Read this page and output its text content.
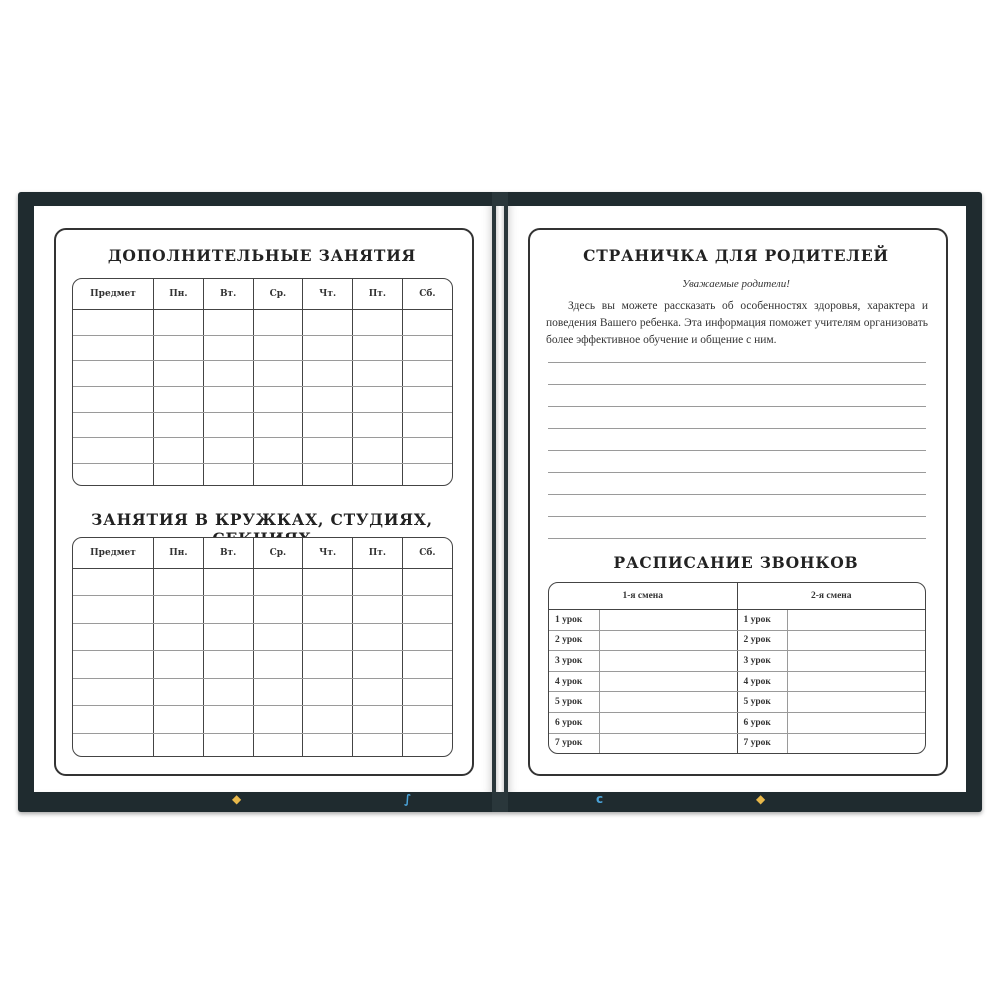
◆	∫	ϲ	◆
ДОПОЛНИТЕЛЬНЫЕ ЗАНЯТИЯ
Предмет	Пн.	Вт.	Ср.	Чт.	Пт.	Сб.

ЗАНЯТИЯ В КРУЖКАХ, СТУДИЯХ,
Предмет	Пн.	Вт.	Ср.	Чт.	Пт.	Сб.

СТРАНИЧКА ДЛЯ РОДИТЕЛЕЙ
Уважаемые родители!
Здесь вы можете рассказать об особенностях здоровья, характера и поведения Вашего ребенка. Эта информация поможет учителям организовать более эффективное обучение и общение с ним.
РАСПИСАНИЕ ЗВОНКОВ
1-я смена		2-я смена	
1 урок		1 урок	
2 урок		2 урок	
3 урок		3 урок	
4 урок		4 урок	
5 урок		5 урок	
6 урок		6 урок	
7 урок		7 урок	
